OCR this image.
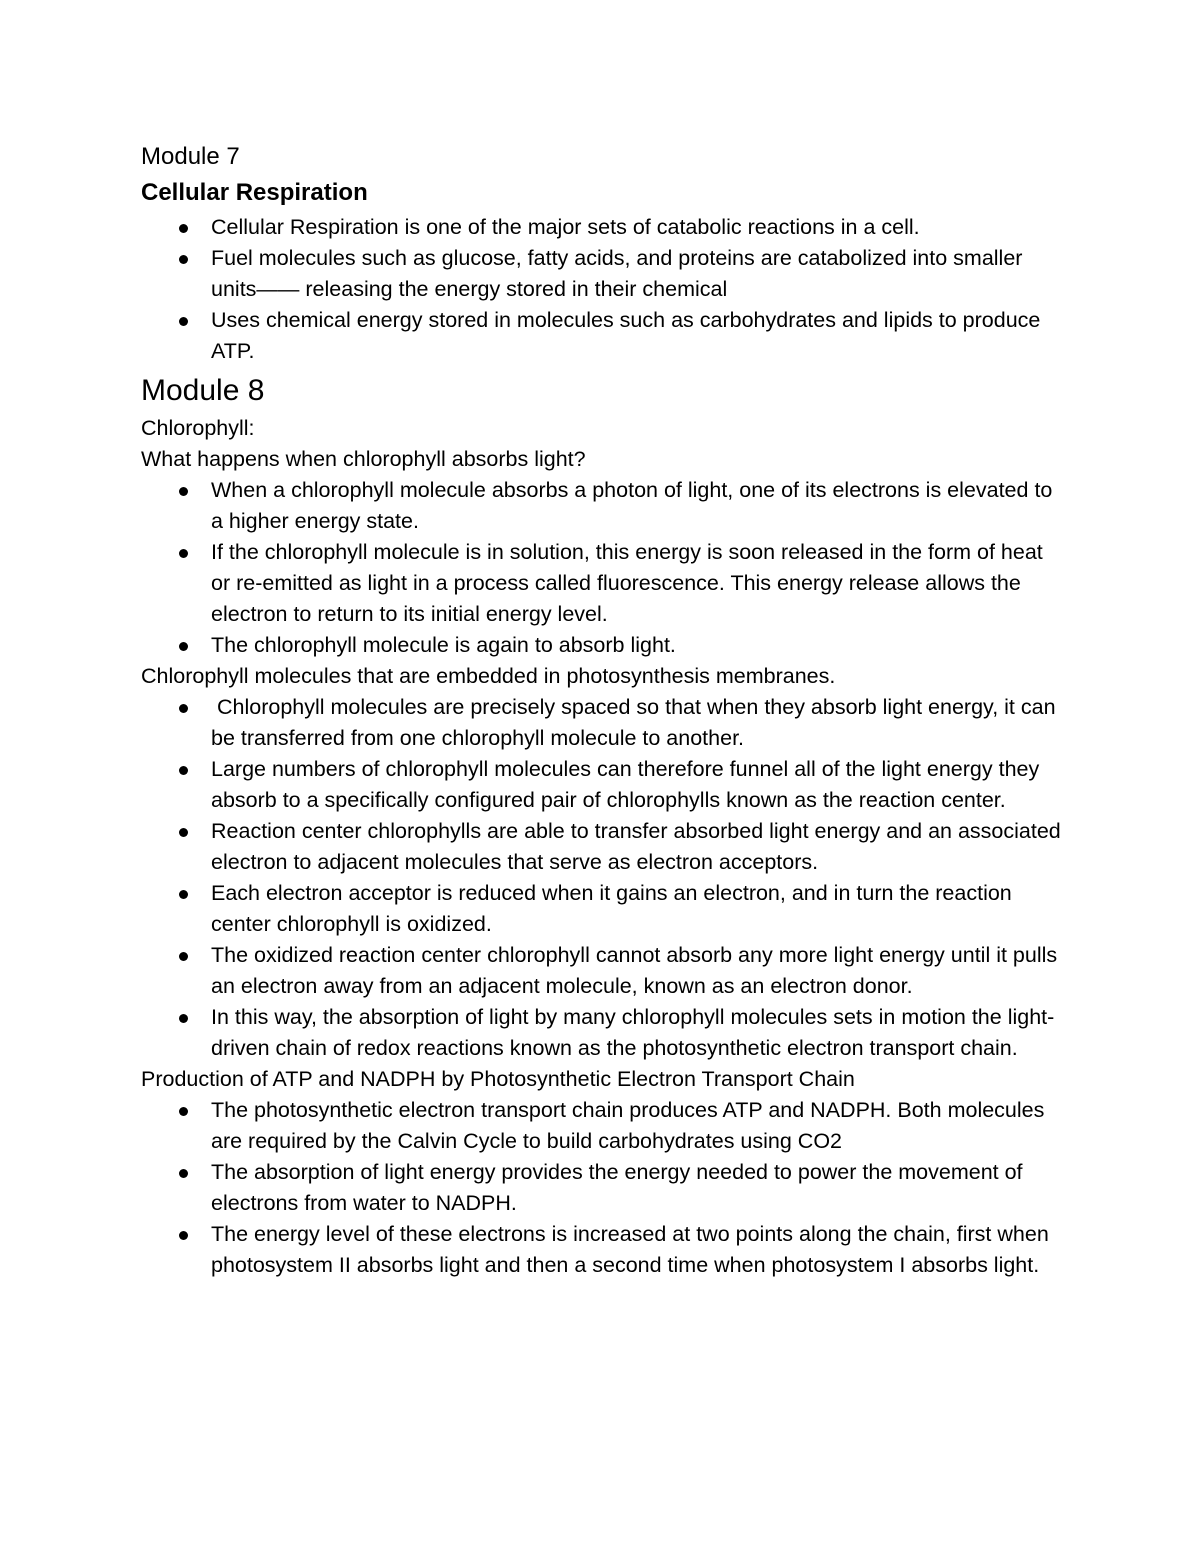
Module 7
Cellular Respiration
Cellular Respiration is one of the major sets of catabolic reactions in a cell.
Fuel molecules such as glucose, fatty acids, and proteins are catabolized into smaller units—— releasing the energy stored in their chemical
Uses chemical energy stored in molecules such as carbohydrates and lipids to produce ATP.
Module 8

Chlorophyll:

What happens when chlorophyll absorbs light?

When a chlorophyll molecule absorbs a photon of light, one of its electrons is elevated to a higher energy state.
If the chlorophyll molecule is in solution, this energy is soon released in the form of heat or re-emitted as light in a process called fluorescence. This energy release allows the electron to return to its initial energy level.
The chlorophyll molecule is again to absorb light.

Chlorophyll molecules that are embedded in photosynthesis membranes.

Chlorophyll molecules are precisely spaced so that when they absorb light energy, it can be transferred from one chlorophyll molecule to another.
Large numbers of chlorophyll molecules can therefore funnel all of the light energy they absorb to a specifically configured pair of chlorophylls known as the reaction center.
Reaction center chlorophylls are able to transfer absorbed light energy and an associated electron to adjacent molecules that serve as electron acceptors.
Each electron acceptor is reduced when it gains an electron, and in turn the reaction center chlorophyll is oxidized.
The oxidized reaction center chlorophyll cannot absorb any more light energy until it pulls an electron away from an adjacent molecule, known as an electron donor.
In this way, the absorption of light by many chlorophyll molecules sets in motion the light-driven chain of redox reactions known as the photosynthetic electron transport chain.

Production of ATP and NADPH by Photosynthetic Electron Transport Chain

The photosynthetic electron transport chain produces ATP and NADPH. Both molecules are required by the Calvin Cycle to build carbohydrates using CO2
The absorption of light energy provides the energy needed to power the movement of electrons from water to NADPH.
The energy level of these electrons is increased at two points along the chain, first when photosystem II absorbs light and then a second time when photosystem I absorbs light.
